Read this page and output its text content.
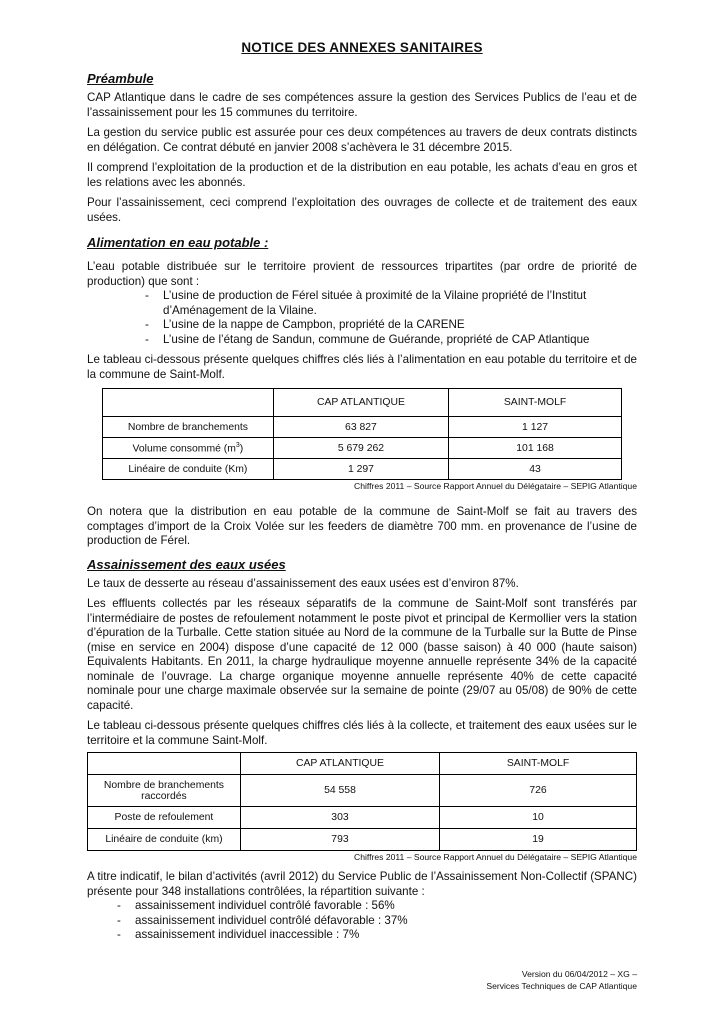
NOTICE DES ANNEXES SANITAIRES
Préambule

CAP Atlantique dans le cadre de ses compétences assure la gestion des Services Publics de l’eau et de l’assainissement pour les 15 communes du territoire.

La gestion du service public est assurée pour ces deux compétences au travers de deux contrats distincts en délégation. Ce contrat débuté en janvier 2008 s’achèvera le 31 décembre 2015.

Il comprend l’exploitation de la production et de la distribution en eau potable, les achats d’eau en gros et les relations avec les abonnés.

Pour l’assainissement, ceci comprend l’exploitation des ouvrages de collecte et de traitement des eaux usées.

Alimentation en eau potable :

L’eau potable distribuée sur le territoire provient de ressources tripartites (par ordre de priorité de production) que sont :

- L’usine de production de Férel située à proximité de la Vilaine propriété de l’Institut d’Aménagement de la Vilaine.
- L’usine de la nappe de Campbon, propriété de la CARENE
- L’usine de l’étang de Sandun, commune de Guérande, propriété de CAP Atlantique

Le tableau ci-dessous présente quelques chiffres clés liés à l’alimentation en eau potable du territoire et de la commune de Saint-Molf.

	CAP ATLANTIQUE	SAINT-MOLF
Nombre de branchements	63 827	1 127
Volume consommé $(m^3)$	5 679 262	101 168
Linéaire de conduite (Km)	1 297	43
Chiffres 2011 – Source Rapport Annuel du Délégataire – SEPIG Atlantique

On notera que la distribution en eau potable de la commune de Saint-Molf se fait au travers des comptages d’import de la Croix Volée sur les feeders de diamètre 700 mm. en provenance de l’usine de production de Férel.

Assainissement des eaux usées

Le taux de desserte au réseau d’assainissement des eaux usées est d’environ 87%.

Les effluents collectés par les réseaux séparatifs de la commune de Saint-Molf sont transférés par l’intermédiaire de postes de refoulement notamment le poste pivot et principal de Kermollier vers la station d’épuration de la Turballe. Cette station située au Nord de la commune de la Turballe sur la Butte de Pinse (mise en service en 2004) dispose d’une capacité de 12 000 (basse saison) à 40 000 (haute saison) Equivalents Habitants. En 2011, la charge hydraulique moyenne annuelle représente 34% de la capacité nominale de l’ouvrage. La charge organique moyenne annuelle représente 40% de cette capacité nominale pour une charge maximale observée sur la semaine de pointe (29/07 au 05/08) de 90% de cette capacité.

Le tableau ci-dessous présente quelques chiffres clés liés à la collecte, et traitement des eaux usées sur le territoire et la commune Saint-Molf.

	CAP ATLANTIQUE	SAINT-MOLF
Nombre de branchements raccordés	54 558	726
Poste de refoulement	303	10
Linéaire de conduite (km)	793	19
Chiffres 2011 – Source Rapport Annuel du Délégataire – SEPIG Atlantique

A titre indicatif, le bilan d’activités (avril 2012) du Service Public de l’Assainissement Non-Collectif (SPANC) présente pour 348 installations contrôlées, la répartition suivante :

- assainissement individuel contrôlé favorable : 56%
- assainissement individuel contrôlé défavorable : 37%
- assainissement individuel inaccessible : 7%
Version du 06/04/2012 – XG –
Services Techniques de CAP Atlantique
